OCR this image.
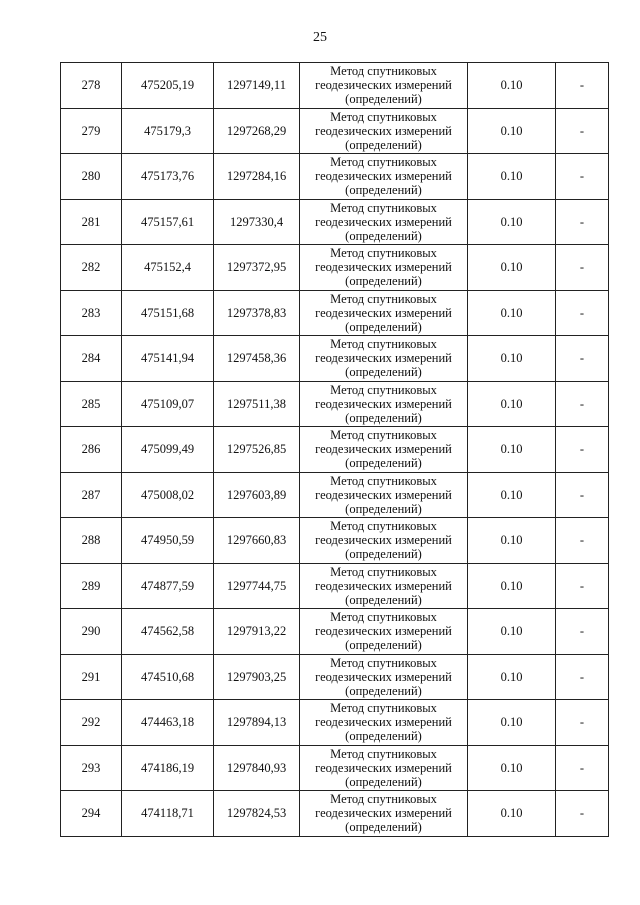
25
278	475205,19	1297149,11	Метод спутниковых
геодезических измерений
(определений)	0.10	-
279	475179,3	1297268,29	Метод спутниковых
геодезических измерений
(определений)	0.10	-
280	475173,76	1297284,16	Метод спутниковых
геодезических измерений
(определений)	0.10	-
281	475157,61	1297330,4	Метод спутниковых
геодезических измерений
(определений)	0.10	-
282	475152,4	1297372,95	Метод спутниковых
геодезических измерений
(определений)	0.10	-
283	475151,68	1297378,83	Метод спутниковых
геодезических измерений
(определений)	0.10	-
284	475141,94	1297458,36	Метод спутниковых
геодезических измерений
(определений)	0.10	-
285	475109,07	1297511,38	Метод спутниковых
геодезических измерений
(определений)	0.10	-
286	475099,49	1297526,85	Метод спутниковых
геодезических измерений
(определений)	0.10	-
287	475008,02	1297603,89	Метод спутниковых
геодезических измерений
(определений)	0.10	-
288	474950,59	1297660,83	Метод спутниковых
геодезических измерений
(определений)	0.10	-
289	474877,59	1297744,75	Метод спутниковых
геодезических измерений
(определений)	0.10	-
290	474562,58	1297913,22	Метод спутниковых
геодезических измерений
(определений)	0.10	-
291	474510,68	1297903,25	Метод спутниковых
геодезических измерений
(определений)	0.10	-
292	474463,18	1297894,13	Метод спутниковых
геодезических измерений
(определений)	0.10	-
293	474186,19	1297840,93	Метод спутниковых
геодезических измерений
(определений)	0.10	-
294	474118,71	1297824,53	Метод спутниковых
геодезических измерений
(определений)	0.10	-
